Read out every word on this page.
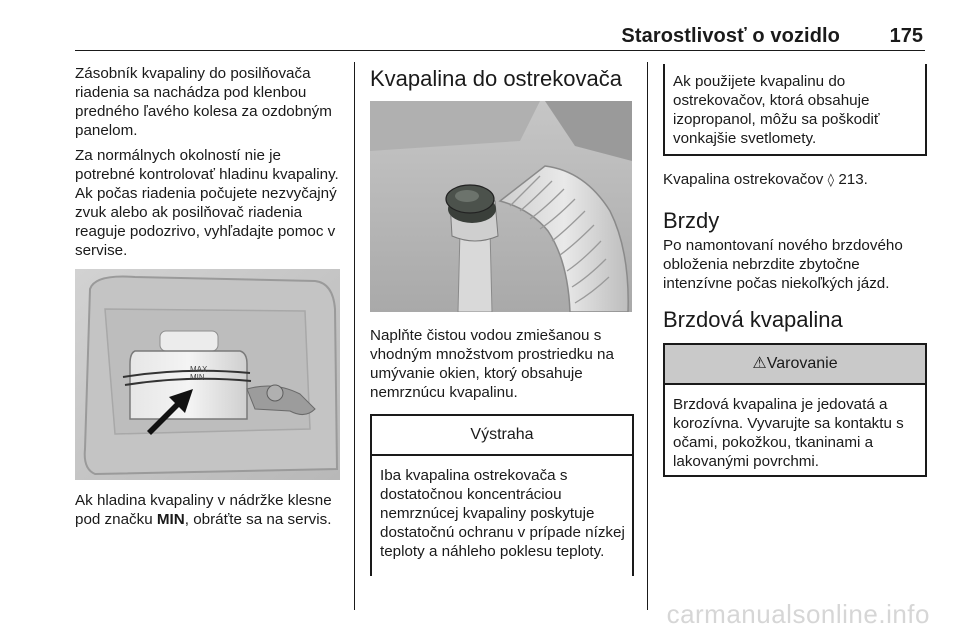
Starostlivosť o vozidlo 175

Zásobník kvapaliny do posilňovača riadenia sa nachádza pod klenbou predného ľavého kolesa za ozdobným panelom.

Za normálnych okolností nie je potrebné kontrolovať hladinu kvapaliny. Ak počas riadenia počujete nezvyčajný zvuk alebo ak posilňovač riadenia reaguje podozrivo, vyhľadajte pomoc v servise.

MAX
MIN

Ak hladina kvapaliny v nádržke klesne pod značku MIN, obráťte sa na servis.

Kvapalina do ostrekovača

Naplňte čistou vodou zmiešanou s vhodným množstvom prostriedku na umývanie okien, ktorý obsahuje nemrznúcu kvapalinu.

Výstraha
Iba kvapalina ostrekovača s dostatočnou koncentráciou nemrznúcej kvapaliny poskytuje dostatočnú ochranu v prípade nízkej teploty a náhleho poklesu teploty.
Ak použijete kvapalinu do ostrekovačov, ktorá obsahuje izopropanol, môžu sa poškodiť vonkajšie svetlomety.

Kvapalina ostrekovačov ◊ 213.

Brzdy

Po namontovaní nového brzdového obloženia nebrzdite zbytočne intenzívne počas niekoľkých jázd.

Brzdová kvapalina
⚠Varovanie
Brzdová kvapalina je jedovatá a korozívna. Vyvarujte sa kontaktu s očami, pokožkou, tkaninami a lakovanými povrchmi.
carmanualsonline.info
